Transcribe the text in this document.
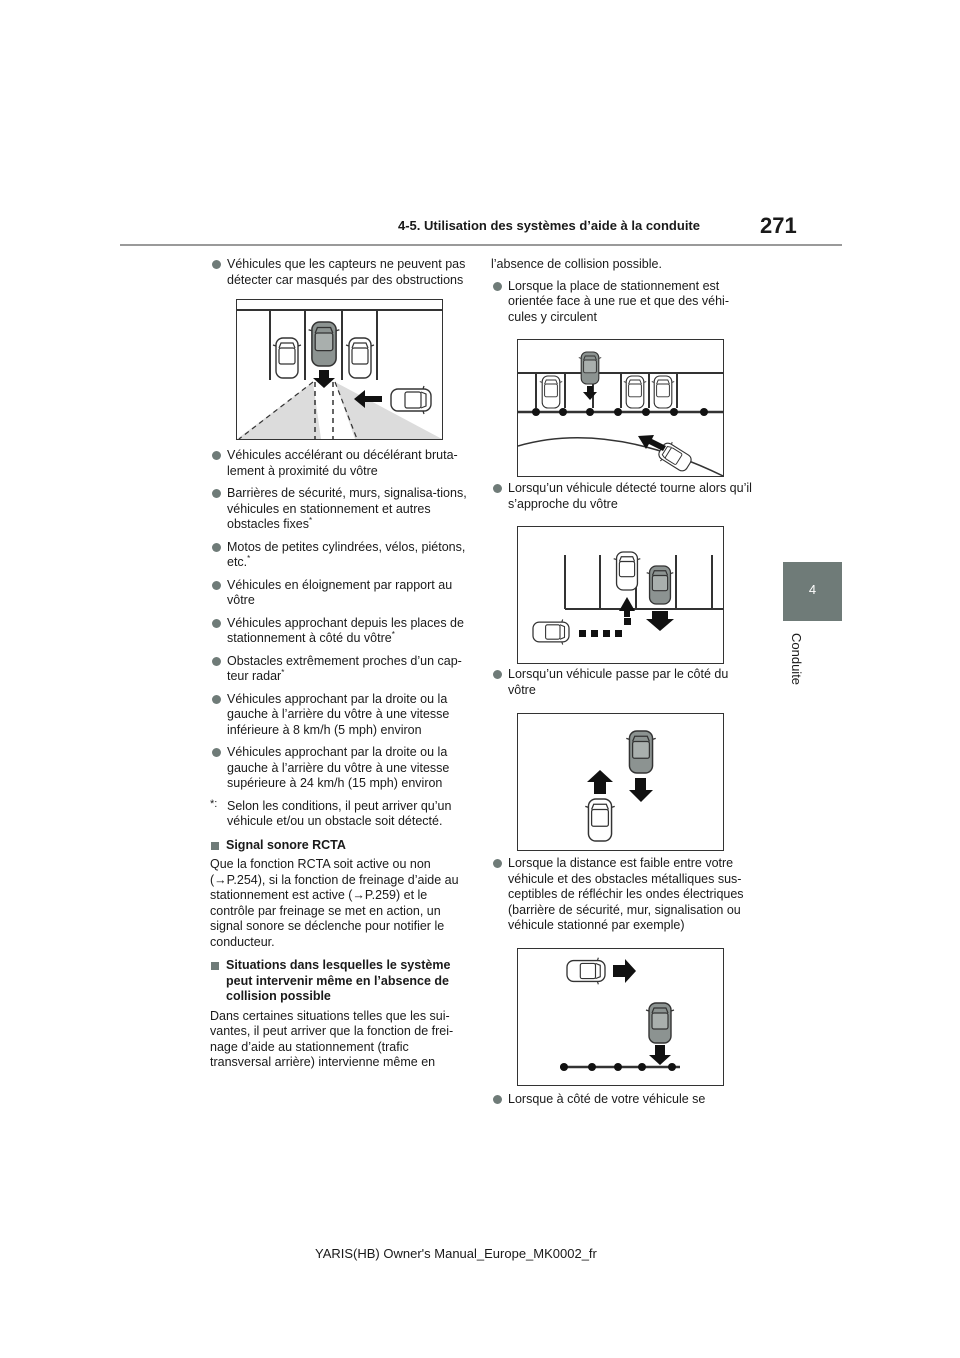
4-5. Utilisation des systèmes d’aide à la conduite	271
4
Conduite
Véhicules que les capteurs ne peuvent pas détecter car masqués par des obstructions
Véhicules accélérant ou décélérant bruta-lement à proximité du vôtre
Barrières de sécurité, murs, signalisa-tions, véhicules en stationnement et autres obstacles fixes*
Motos de petites cylindrées, vélos, piétons, etc.*
Véhicules en éloignement par rapport au vôtre
Véhicules approchant depuis les places de stationnement à côté du vôtre*
Obstacles extrêmement proches d’un cap-teur radar*
Véhicules approchant par la droite ou la gauche à l’arrière du vôtre à une vitesse inférieure à 8 km/h (5 mph) environ
Véhicules approchant par la droite ou la gauche à l’arrière du vôtre à une vitesse supérieure à 24 km/h (15 mph) environ
*: Selon les conditions, il peut arriver qu’un véhicule et/ou un obstacle soit détecté.
Signal sonore RCTA
Que la fonction RCTA soit active ou non (→P.254), si la fonction de freinage d’aide au stationnement est active (→P.259) et le contrôle par freinage se met en action, un signal sonore se déclenche pour notifier le conducteur.
Situations dans lesquelles le système peut intervenir même en l’absence de collision possible
Dans certaines situations telles que les sui-vantes, il peut arriver que la fonction de frei-nage d’aide au stationnement (trafic transversal arrière) intervienne même en
l’absence de collision possible.
Lorsque la place de stationnement est orientée face à une rue et que des véhi-cules y circulent
Lorsqu’un véhicule détecté tourne alors qu’il s’approche du vôtre
Lorsqu’un véhicule passe par le côté du vôtre
Lorsque la distance est faible entre votre véhicule et des obstacles métalliques sus-ceptibles de réfléchir les ondes électriques (barrière de sécurité, mur, signalisation ou véhicule stationné par exemple)
Lorsque à côté de votre véhicule se
YARIS(HB) Owner's Manual_Europe_MK0002_fr
